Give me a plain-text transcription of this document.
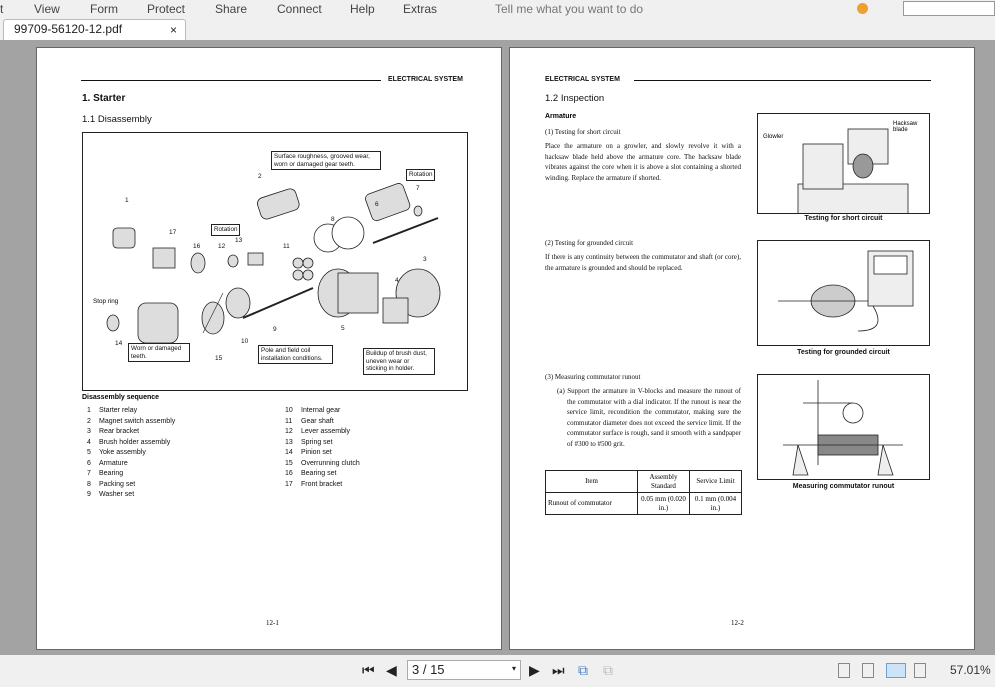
t	View	Form Protect Share Connect Help Extras	Tell me what you want to do
99709-56120-12.pdf	×
ELECTRICAL SYSTEM
1. Starter
1.1 Disassembly
Surface roughness, grooved wear, worn or damaged gear teeth.
Rotation
Rotation
Stop ring
Worn or damaged teeth.
Pole and field coil installation conditions.
Buildup of brush dust, uneven wear or sticking in holder.
1
2
3
4
5
6
7
8
9
10
11
12
13
14
15
16
17
Disassembly sequence
1 Starter relay
2 Magnet switch assembly
3 Rear bracket
4 Brush holder assembly
5 Yoke assembly
6 Armature
7 Bearing
8 Packing set
9 Washer set
10 Internal gear
11 Gear shaft
12 Lever assembly
13 Spring set
14 Pinion set
15 Overrunning clutch
16 Bearing set
17 Front bracket
12-1
ELECTRICAL SYSTEM
1.2 Inspection
Armature
(1) Testing for short circuit
Place the armature on a growler, and slowly revolve it with a hacksaw blade held above the armature core. The hacksaw blade vibrates against the core when it is above a slot containing a shorted winding. Replace the armature if shorted.
(2) Testing for grounded circuit
If there is any continuity between the commutator and shaft (or core), the armature is grounded and should be replaced.
(3) Measuring commutator runout
(a) Support the armature in V-blocks and measure the runout of the commutator with a dial indicator. If the runout is near the service limit, recondition the commutator, making sure the commutator diameter does not exceed the service limit. If the commutator surface is rough, sand it smooth with a sandpaper of #300 to #500 grit.
Item	Assembly Standard	Service Limit
Runout of commutator	0.05 mm (0.020 in.)	0.1 mm (0.004 in.)
Glowler
Hacksaw blade
Testing for short circuit
Testing for grounded circuit
Measuring commutator runout
12-2
⏮ ◀	3 / 15	▾ ▶ ⏭ ⧉ ⧉	57.01%
